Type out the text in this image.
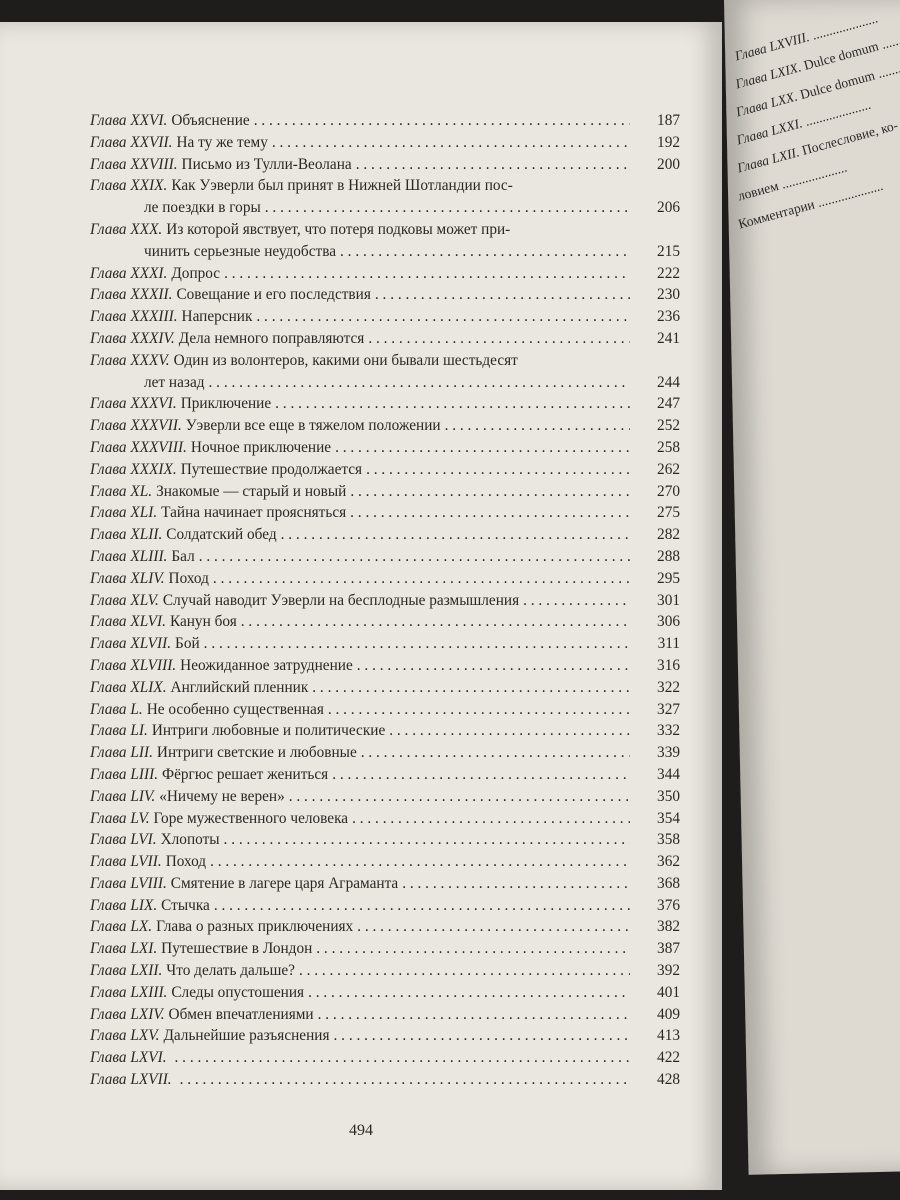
Глава XXVI. Объяснение . . .	187
Глава XXVII. На ту же тему . . .	192
Глава XXVIII. Письмо из Тулли-Веолана . . .	200
Глава XXIX. Как Уэверли был принят в Нижней Шотландии пос-
ле поездки в горы . . .	206
Глава XXX. Из которой явствует, что потеря подковы может при-
чинить серьезные неудобства . . .	215
Глава XXXI. Допрос . . .	222
Глава XXXII. Совещание и его последствия . . .	230
Глава XXXIII. Наперсник . . .	236
Глава XXXIV. Дела немного поправляются . . .	241
Глава XXXV. Один из волонтеров, какими они бывали шестьдесят
лет назад . . .	244
Глава XXXVI. Приключение . . .	247
Глава XXXVII. Уэверли все еще в тяжелом положении . . .	252
Глава XXXVIII. Ночное приключение . . .	258
Глава XXXIX. Путешествие продолжается . . .	262
Глава XL. Знакомые — старый и новый . . .	270
Глава XLI. Тайна начинает проясняться . . .	275
Глава XLII. Солдатский обед . . .	282
Глава XLIII. Бал . . .	288
Глава XLIV. Поход . . .	295
Глава XLV. Случай наводит Уэверли на бесплодные размышления . . .	301
Глава XLVI. Канун боя . . .	306
Глава XLVII. Бой . . .	311
Глава XLVIII. Неожиданное затруднение . . .	316
Глава XLIX. Английский пленник . . .	322
Глава L. Не особенно существенная . . .	327
Глава LI. Интриги любовные и политические . . .	332
Глава LII. Интриги светские и любовные . . .	339
Глава LIII. Фёргюс решает жениться . . .	344
Глава LIV. «Ничему не верен» . . .	350
Глава LV. Горе мужественного человека . . .	354
Глава LVI. Хлопоты . . .	358
Глава LVII. Поход . . .	362
Глава LVIII. Смятение в лагере царя Аграманта . . .	368
Глава LIX. Стычка . . .	376
Глава LX. Глава о разных приключениях . . .	382
Глава LXI. Путешествие в Лондон . . .	387
Глава LXII. Что делать дальше? . . .	392
Глава LXIII. Следы опустошения . . .	401
Глава LXIV. Обмен впечатлениями . . .	409
Глава LXV. Дальнейшие разъяснения . . .	413
Глава LXVI. . . .	422
Глава LXVII. . . .	428
494
Глава LXVIII. .....
Глава LXIX. Dulce domum .....
Глава LXX. Dulce domum .....
Глава LXXI. .....
Глава LXII. Послесловие, ко- .....
ловием .....
Комментарии .....
